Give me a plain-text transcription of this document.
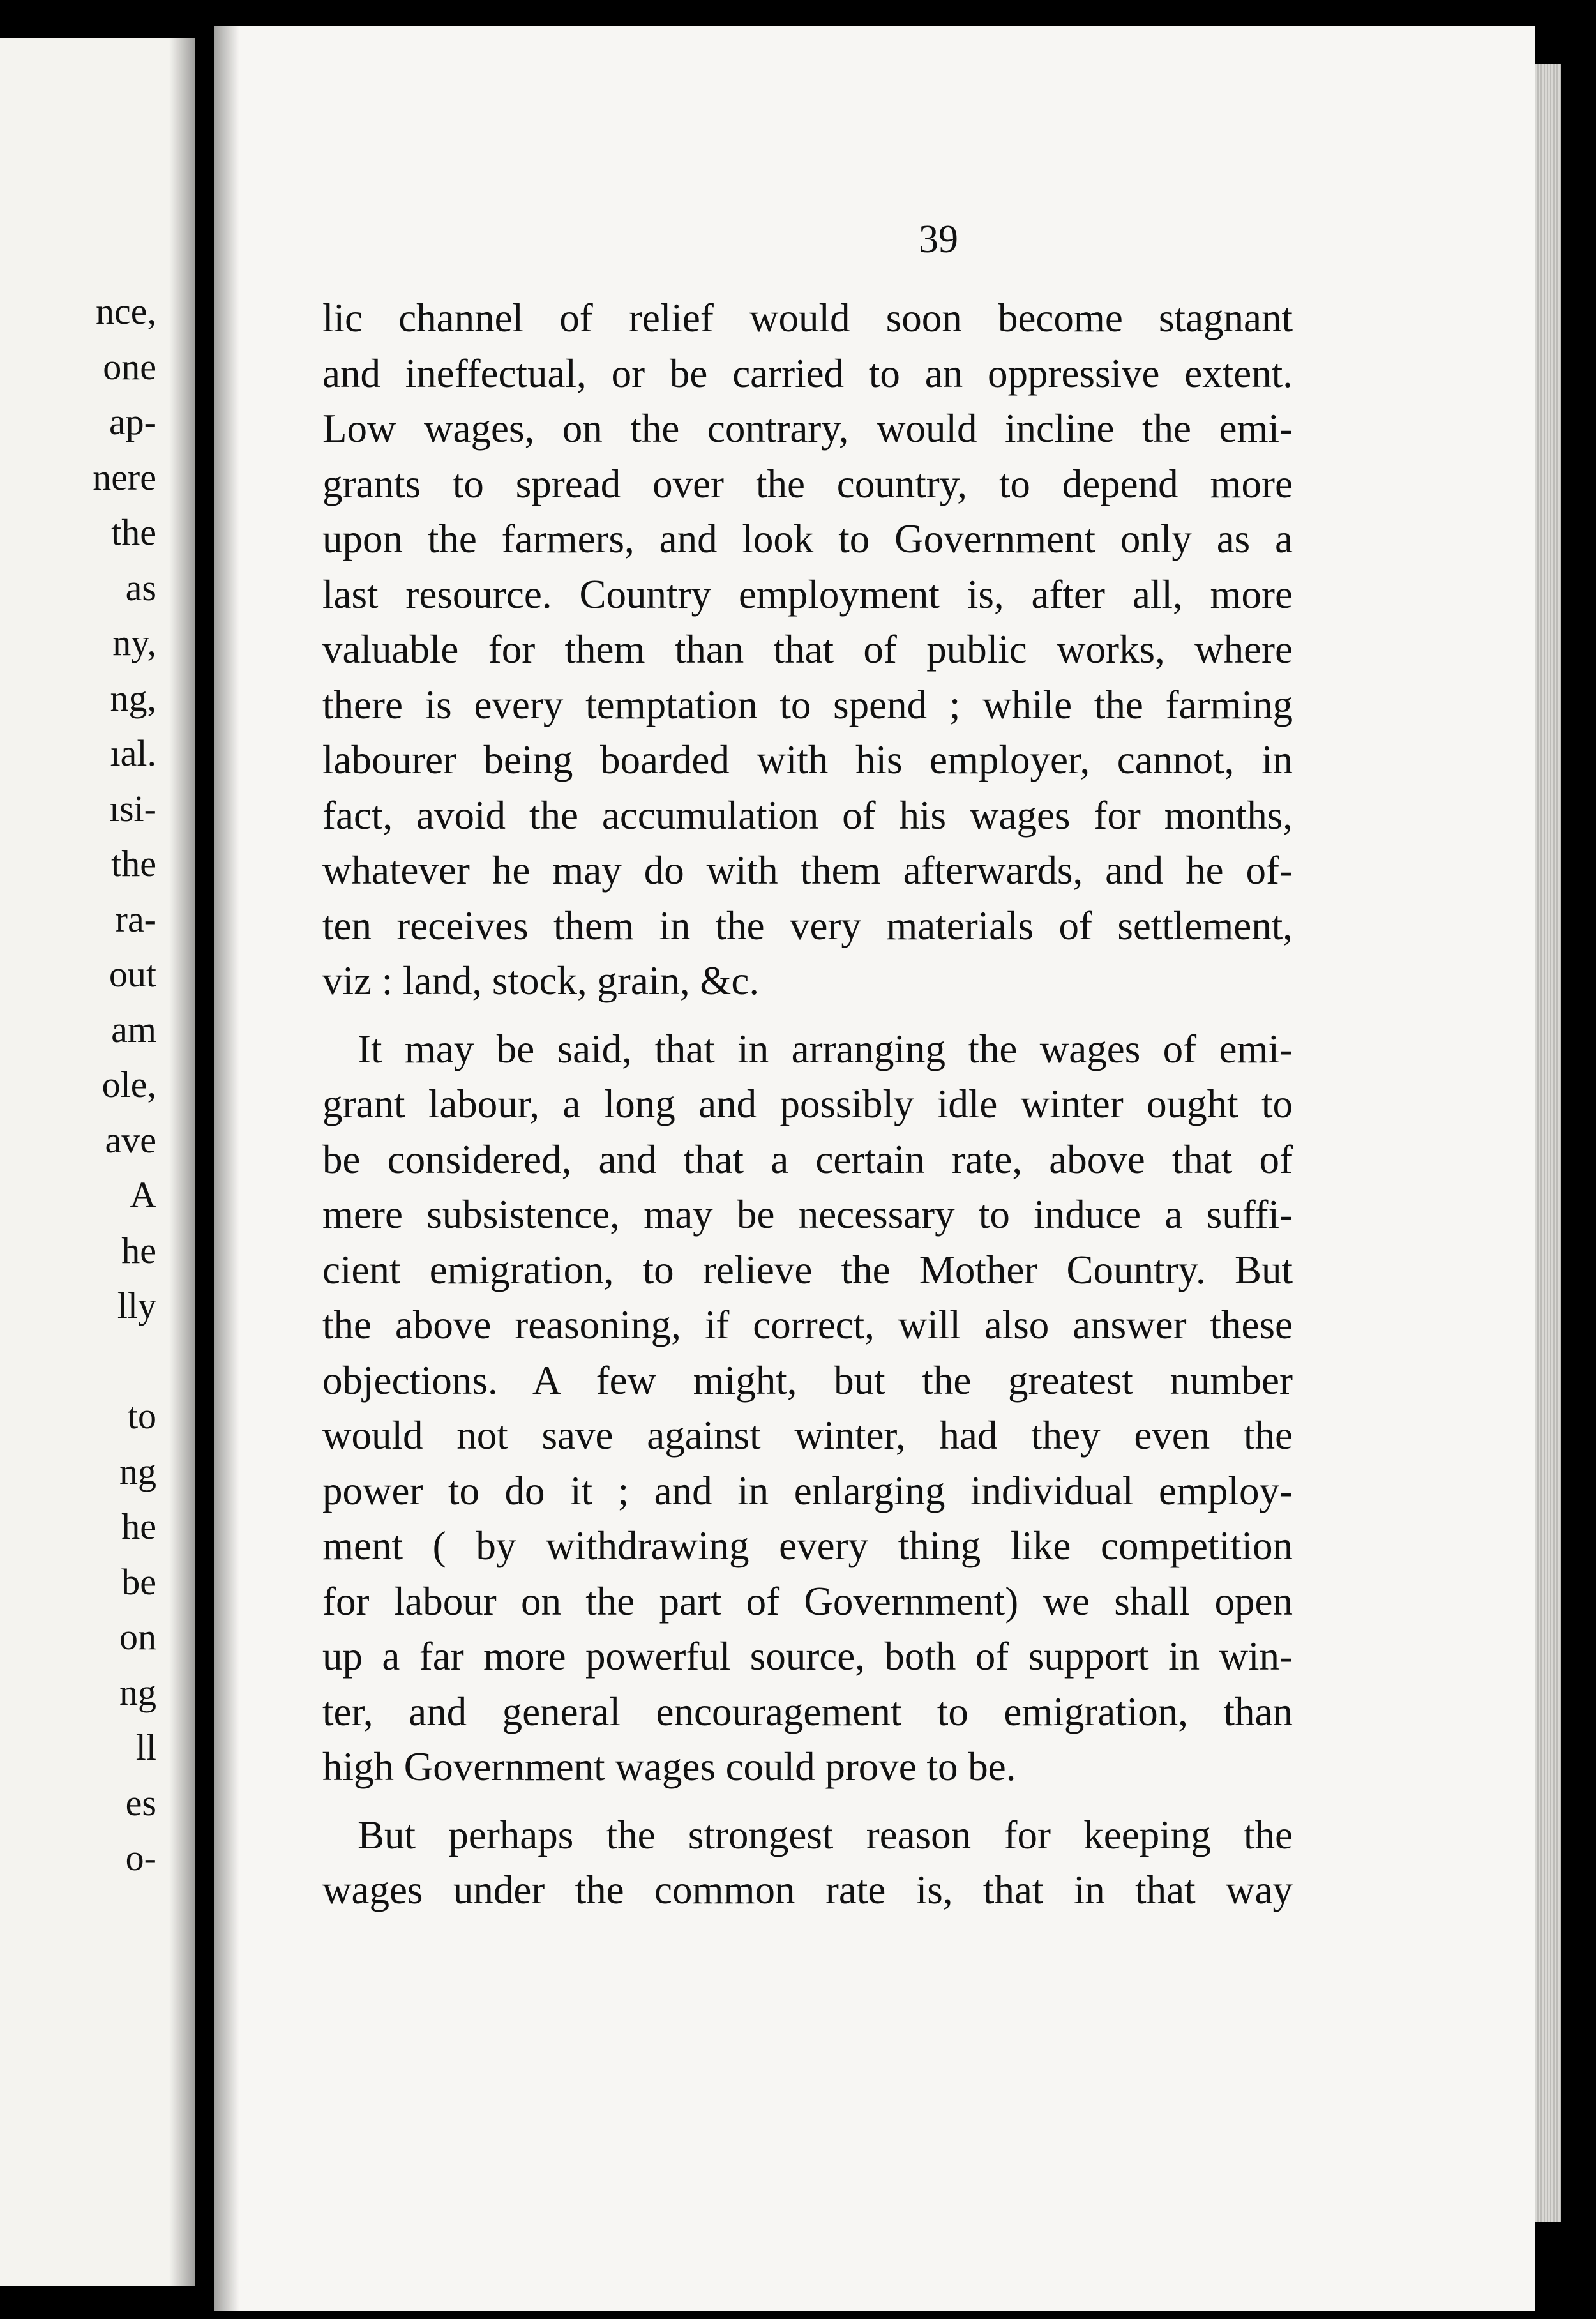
nce,
one
ap-
nere
the
as
ny,
ng,
ıal.
ısi-
the
ra-
out
am
ole,
ave
A
he
lly
to
ng
he
be
on
ng
ll
es
o-
39

lic channel of relief would soon become stagnant
and ineffectual, or be carried to an oppressive extent.
Low wages, on the contrary, would incline the emi-
grants to spread over the country, to depend more
upon the farmers, and look to Government only as a
last resource. Country employment is, after all, more
valuable for them than that of public works, where
there is every temptation to spend ; while the farming
labourer being boarded with his employer, cannot, in
fact, avoid the accumulation of his wages for months,
whatever he may do with them afterwards, and he of-
ten receives them in the very materials of settlement,
viz : land, stock, grain, &c.

It may be said, that in arranging the wages of emi-
grant labour, a long and possibly idle winter ought to
be considered, and that a certain rate, above that of
mere subsistence, may be necessary to induce a suffi-
cient emigration, to relieve the Mother Country. But
the above reasoning, if correct, will also answer these
objections. A few might, but the greatest number
would not save against winter, had they even the
power to do it ; and in enlarging individual employ-
ment ( by withdrawing every thing like competition
for labour on the part of Government) we shall open
up a far more powerful source, both of support in win-
ter, and general encouragement to emigration, than
high Government wages could prove to be.

But perhaps the strongest reason for keeping the
wages under the common rate is, that in that way
